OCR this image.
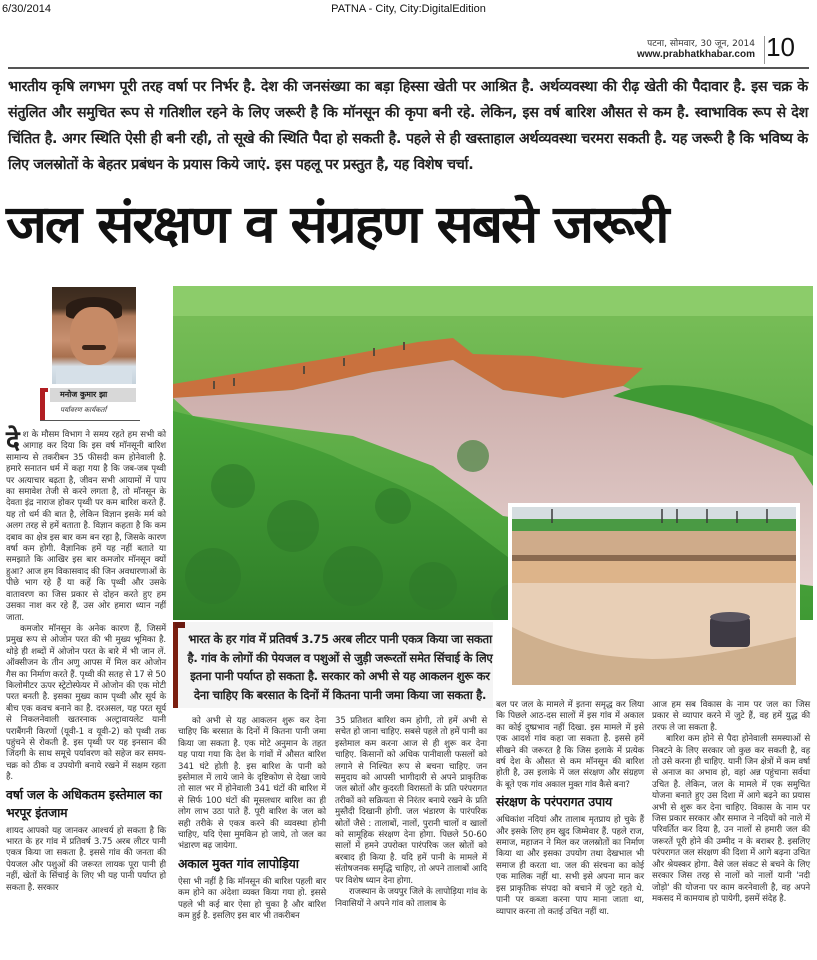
6/30/2014	PATNA - City, City:DigitalEdition
पटना, सोमवार, 30 जून, 2014
www.prabhatkhabar.com 10
भारतीय कृषि लगभग पूरी तरह वर्षा पर निर्भर है. देश की जनसंख्या का बड़ा हिस्सा खेती पर आश्रित है. अर्थव्यवस्था की रीढ़ खेती की पैदावार है. इस चक्र के संतुलित और समुचित रूप से गतिशील रहने के लिए जरूरी है कि मॉनसून की कृपा बनी रहे. लेकिन, इस वर्ष बारिश औसत से कम है. स्वाभाविक रूप से देश चिंतित है. अगर स्थिति ऐसी ही बनी रही, तो सूखे की स्थिति पैदा हो सकती है. पहले से ही खस्ताहाल अर्थव्यवस्था चरमरा सकती है. यह जरूरी है कि भविष्य के लिए जलस्रोतों के बेहतर प्रबंधन के प्रयास किये जाएं. इस पहलू पर प्रस्तुत है, यह विशेष चर्चा.
जल संरक्षण व संग्रहण सबसे जरूरी
मनोज कुमार झा
पर्यावरण कार्यकर्ता

देश के मौसम विभाग ने समय रहते हम सभी को आगाह कर दिया कि इस वर्ष मॉनसूनी बारिश सामान्य से तकरीबन 35 फीसदी कम होनेवाली है. हमारे सनातन धर्म में कहा गया है कि जब-जब पृथ्वी पर अत्याचार बढ़ता है, जीवन सभी आयामों में पाप का समावेश तेजी से करने लगता है, तो मॉनसून के देवता इंद्र नाराज होकर पृथ्वी पर कम बारिश करते हैं. यह तो धर्म की बात है, लेकिन विज्ञान इसके मर्म को अलग तरह से हमें बताता है. विज्ञान कहता है कि कम दबाव का क्षेत्र इस बार कम बन रहा है, जिसके कारण वर्षा कम होगी. वैज्ञानिक हमें यह नहीं बताते या समझाते कि आखिर इस बार कमजोर मॉनसून क्यों हुआ? आज हम विकासवाद की जिन अवधारणाओं के पीछे भाग रहे हैं या कहें कि पृथ्वी और उसके वातावरण का जिस प्रकार से दोहन करते हुए हम उसका नाश कर रहे हैं, उस ओर हमारा ध्यान नहीं जाता.

कमजोर मॉनसून के अनेक कारण हैं, जिसमें प्रमुख रूप से ओजोन परत की भी मुख्य भूमिका है. थोड़े ही शब्दों में ओजोन परत के बारे में भी जान लें. ऑक्सीजन के तीन अणु आपस में मिल कर ओजोन गैस का निर्माण करते हैं. पृथ्वी की सतह से 17 से 50 किलोमीटर ऊपर स्ट्रेटोस्फेयर में ओजोन की एक मोटी परत बनती है. इसका मुख्य काम पृथ्वी और सूर्य के बीच एक कवच बनाने का है. दरअसल, यह परत सूर्य से निकलनेवाली खतरनाक अल्ट्रावायलेट यानी पराबैंगनी किरणों (यूवी-1 व यूवी-2) को पृथ्वी तक पहुंचने से रोकती है. इस पृथ्वी पर यह इनसान की जिंदगी के साथ समूचे पर्यावरण को सहेज कर समय-चक्र को ठीक व उपयोगी बनाये रखने में सक्षम रहता है.

वर्षा जल के अधिकतम इस्तेमाल का भरपूर इंतजाम

शायद आपको यह जानकर आश्चर्य हो सकता है कि भारत के हर गांव में प्रतिवर्ष 3.75 अरब लीटर पानी एकत्र किया जा सकता है. इससे गांव की जनता की पेयजल और पशुओं की जरूरत लायक पूरा पानी ही नहीं, खेतों के सिंचाई के लिए भी यह पानी पर्याप्त हो सकता है. सरकार

भारत के हर गांव में प्रतिवर्ष 3.75 अरब लीटर पानी एकत्र किया जा सकता है. गांव के लोगों की पेयजल व पशुओं से जुड़ी जरूरतों समेत सिंचाई के लिए इतना पानी पर्याप्त हो सकता है. सरकार को अभी से यह आकलन शुरू कर देना चाहिए कि बरसात के दिनों में कितना पानी जमा किया जा सकता है.

को अभी से यह आकलन शुरू कर देना चाहिए कि बरसात के दिनों में कितना पानी जमा किया जा सकता है. एक मोटे अनुमान के तहत यह पाया गया कि देश के गांवों में औसत बारिश 341 घंटे होती है. इस बारिश के पानी को इस्तेमाल में लाये जाने के दृष्टिकोण से देखा जाये तो साल भर में होनेवाली 341 घंटों की बारिश में से सिर्फ 100 घंटों की मूसलधार बारिश का ही लोग लाभ उठा पाते हैं. पूरी बारिश के जल को सही तरीके से एकत्र करने की व्यवस्था होनी चाहिए, यदि ऐसा मुमकिन हो जाये, तो जल का भंडारण बढ़ जायेगा.

अकाल मुक्त गांव लापोड़िया

ऐसा भी नहीं है कि मॉनसून की बारिश पहली बार कम होने का अंदेशा व्यक्त किया गया हो. इससे पहले भी कई बार ऐसा हो चुका है और बारिश कम हुई है. इसलिए इस बार भी तकरीबन

35 प्रतिशत बारिश कम होगी, तो हमें अभी से सचेत हो जाना चाहिए. सबसे पहले तो हमें पानी का इस्तेमाल कम करना आज से ही शुरू कर देना चाहिए. किसानों को अधिक पानीवाली फसलों को लगाने से निश्चित रूप से बचना चाहिए. जन समुदाय को आपसी भागीदारी से अपने प्राकृतिक जल स्रोतों और कुदरती विरासतों के प्रति परंपरागत तरीकों को सक्रियता से निरंतर बनाये रखने के प्रति मुस्तैदी दिखानी होगी. जल भंडारण के पारंपरिक स्रोतों जैसे : तालाबों, नालों, पुरानी चालों व खालों को सामूहिक संरक्षण देना होगा. पिछले 50-60 सालों में हमने उपरोक्त पारंपरिक जल स्रोतों को बरबाद ही किया है. यदि हमें पानी के मामले में संतोषजनक समृद्धि चाहिए, तो अपने तालाबों आदि पर विशेष ध्यान देना होगा.

राजस्थान के जयपुर जिले के लापोड़िया गांव के निवासियों ने अपने गांव को तालाब के

बल पर जल के मामले में इतना समृद्ध कर लिया कि पिछले आठ-दस सालों में इस गांव में अकाल का कोई दुष्प्रभाव नहीं दिखा. इस मामले में इसे एक आदर्श गांव कहा जा सकता है. इससे हमें सीखने की जरूरत है कि जिस इलाके में प्रत्येक वर्ष देश के औसत से कम मॉनसून की बारिश होती है, उस इलाके में जल संरक्षण और संग्रहण के बूते एक गांव अकाल मुक्त गांव कैसे बना?

संरक्षण के परंपरागत उपाय

अधिकांश नदियां और तालाब मृतप्राय हो चुके हैं और इसके लिए हम खुद जिम्मेवार हैं. पहले राज, समाज, महाजन ने मिल कर जलस्रोतों का निर्माण किया था और इसका उपयोग तथा देखभाल भी समाज ही करता था. जल की संरचना का कोई एक मालिक नहीं था. सभी इसे अपना मान कर इस प्राकृतिक संपदा को बचाने में जुटे रहते थे. पानी पर कब्जा करना पाप माना जाता था, व्यापार करना तो कतई उचित नहीं था.

आज हम सब विकास के नाम पर जल का जिस प्रकार से व्यापार करने में जुटे हैं, वह हमें युद्ध की तरफ ले जा सकता है.

बारिश कम होने से पैदा होनेवाली समस्याओं से निबटने के लिए सरकार जो कुछ कर सकती है, वह तो उसे करना ही चाहिए. यानी जिन क्षेत्रों में कम वर्षा से अनाज का अभाव हो, वहां अन्न पहुंचाना सर्वथा उचित है. लेकिन, जल के मामले में एक समुचित योजना बनाते हुए उस दिशा में आगे बढ़ने का प्रयास अभी से शुरू कर देना चाहिए. विकास के नाम पर जिस प्रकार सरकार और समाज ने नदियों को नाले में परिवर्तित कर दिया है, उन नालों से हमारी जल की जरूरतें पूरी होने की उम्मीद न के बराबर है. इसलिए परंपरागत जल संरक्षण की दिशा में आगे बढ़ना उचित और श्रेयस्कर होगा. वैसे जल संकट से बचने के लिए सरकार जिस तरह से नालों को नालों यानी 'नदी जोड़ो' की योजना पर काम करनेवाली है, वह अपने मकसद में कामयाब हो पायेगी, इसमें संदेह है.
